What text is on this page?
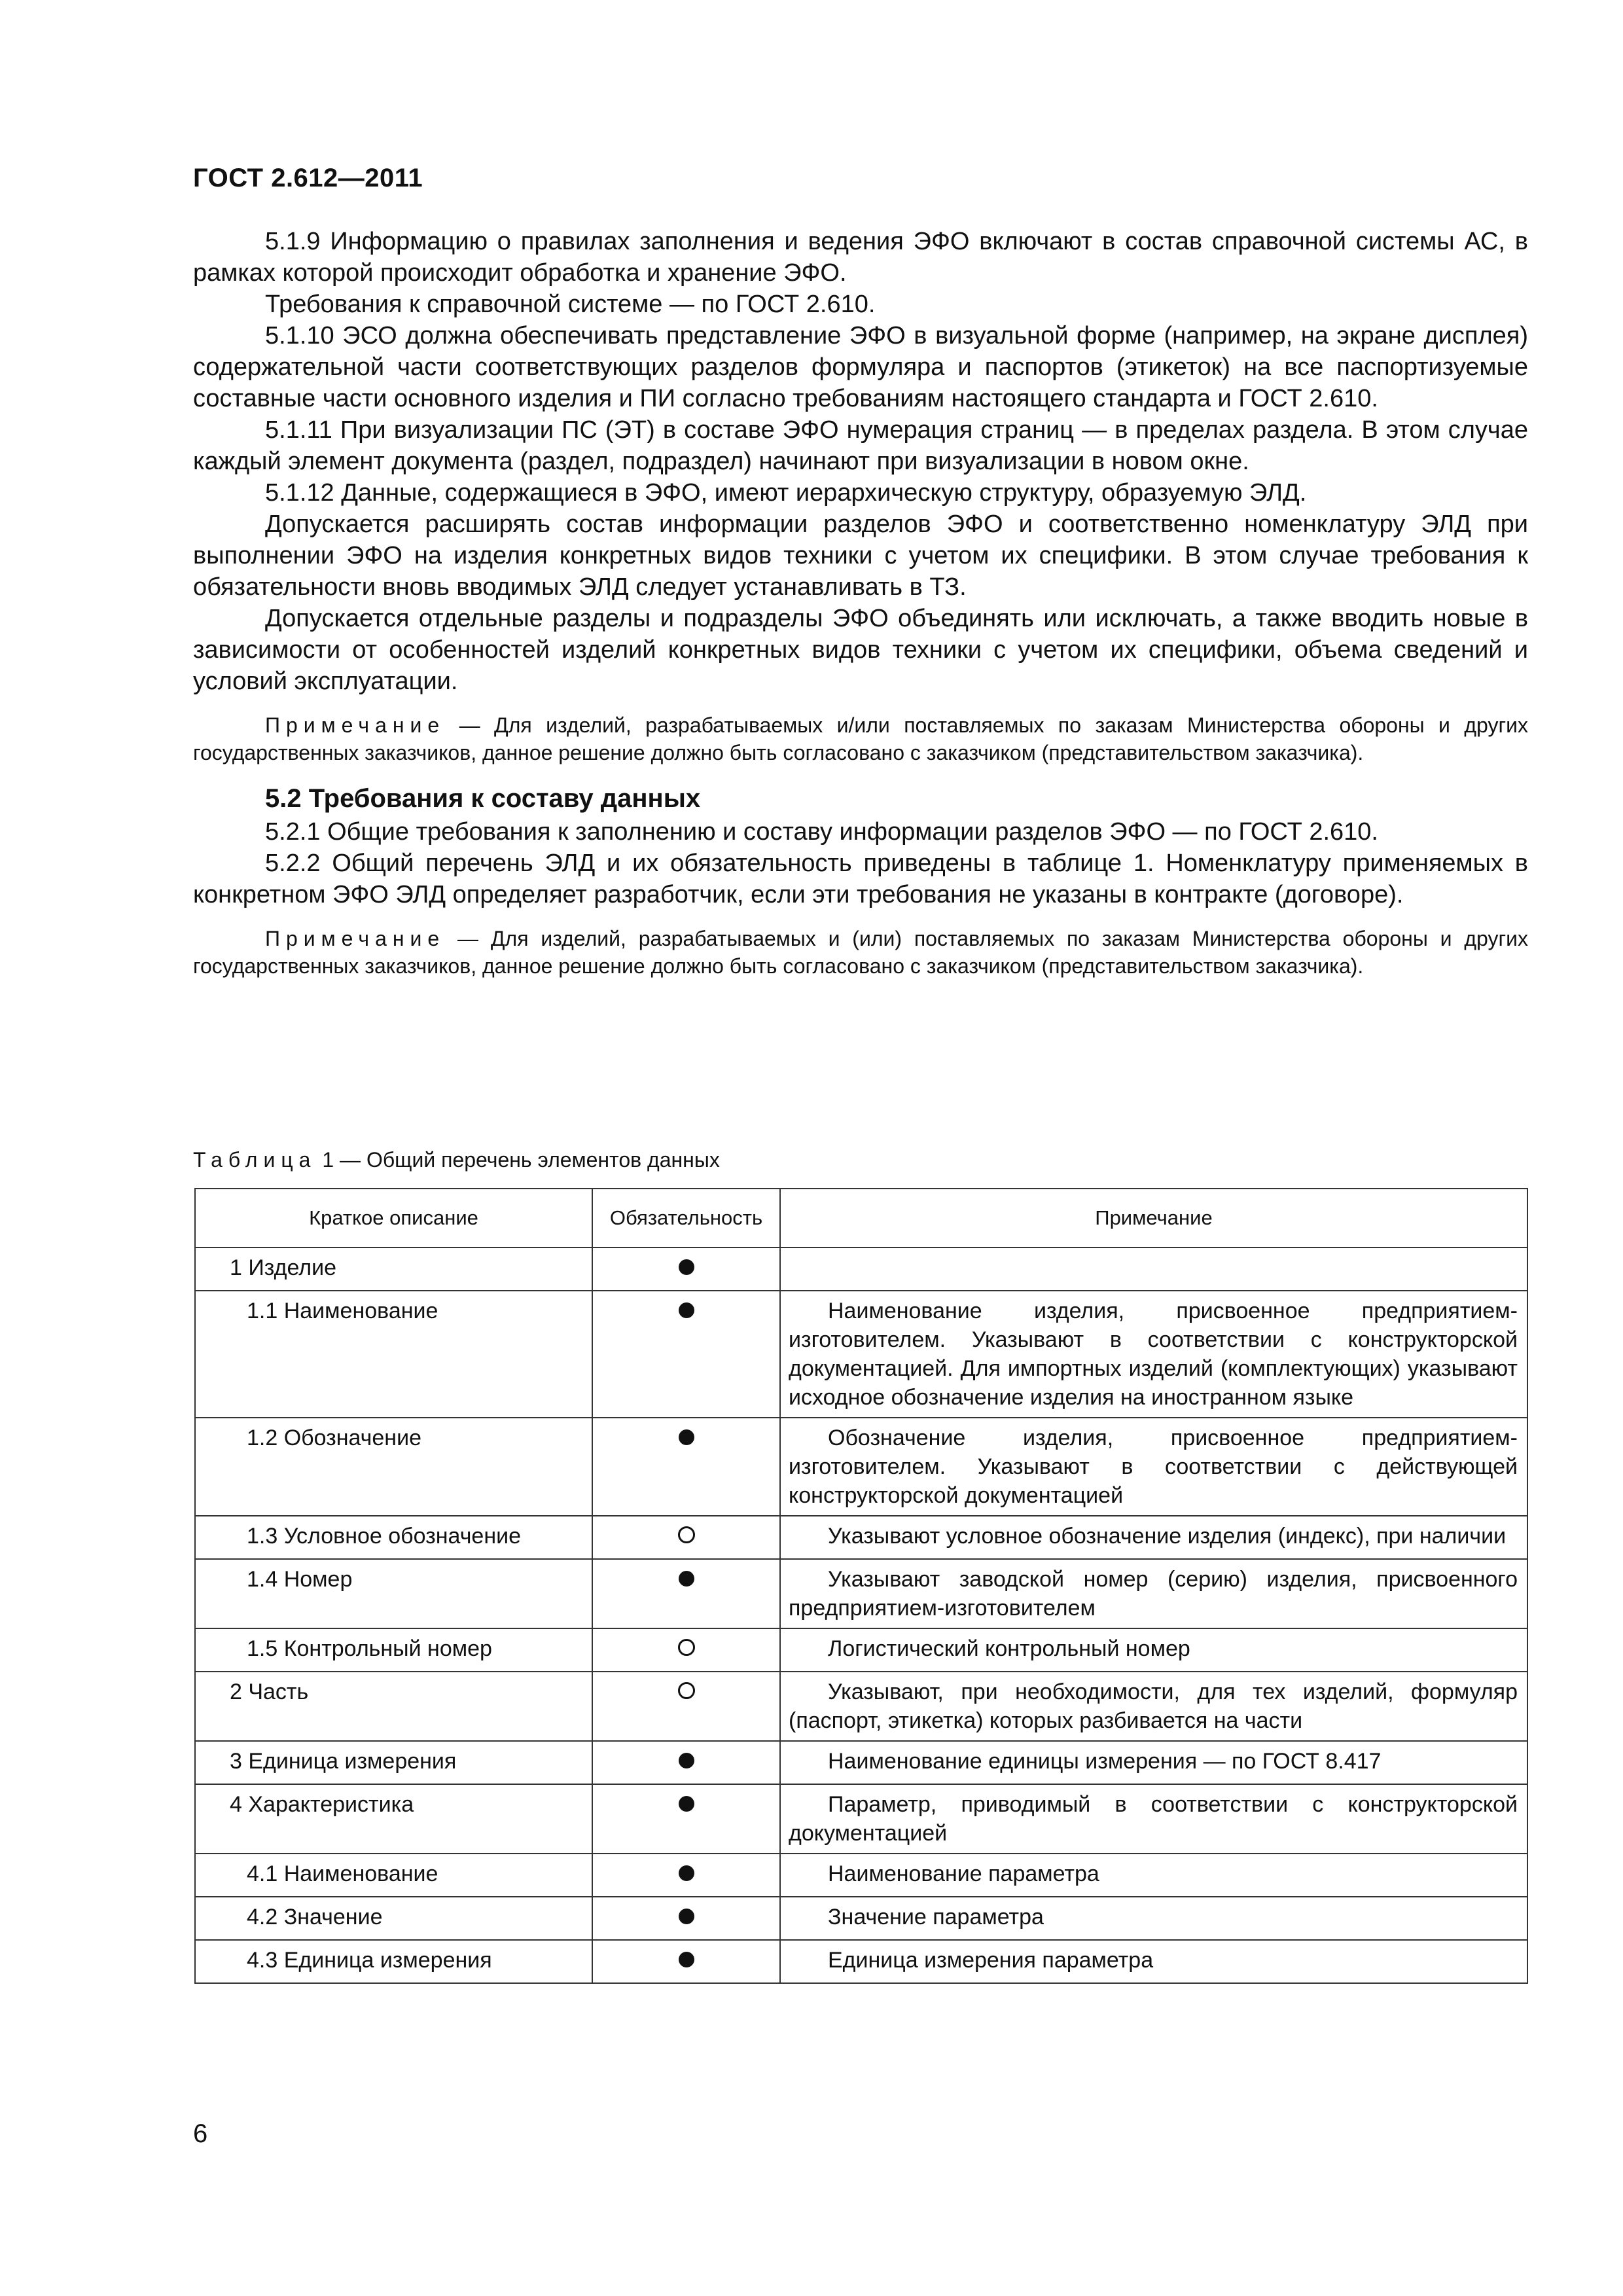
ГОСТ 2.612—2011

5.1.9 Информацию о правилах заполнения и ведения ЭФО включают в состав справочной системы АС, в рамках которой происходит обработка и хранение ЭФО.

Требования к справочной системе — по ГОСТ 2.610.

5.1.10 ЭСО должна обеспечивать представление ЭФО в визуальной форме (например, на экране дисплея) содержательной части соответствующих разделов формуляра и паспортов (этикеток) на все паспортизуемые составные части основного изделия и ПИ согласно требованиям настоящего стандарта и ГОСТ 2.610.

5.1.11 При визуализации ПС (ЭТ) в составе ЭФО нумерация страниц — в пределах раздела. В этом случае каждый элемент документа (раздел, подраздел) начинают при визуализации в новом окне.

5.1.12 Данные, содержащиеся в ЭФО, имеют иерархическую структуру, образуемую ЭЛД.

Допускается расширять состав информации разделов ЭФО и соответственно номенклатуру ЭЛД при выполнении ЭФО на изделия конкретных видов техники с учетом их специфики. В этом случае требования к обязательности вновь вводимых ЭЛД следует устанавливать в ТЗ.

Допускается отдельные разделы и подразделы ЭФО объединять или исключать, а также вводить новые в зависимости от особенностей изделий конкретных видов техники с учетом их специфики, объема сведений и условий эксплуатации.

Примечание — Для изделий, разрабатываемых и/или поставляемых по заказам Министерства обороны и других государственных заказчиков, данное решение должно быть согласовано с заказчиком (представительством заказчика).

5.2 Требования к составу данных

5.2.1 Общие требования к заполнению и составу информации разделов ЭФО — по ГОСТ 2.610.

5.2.2 Общий перечень ЭЛД и их обязательность приведены в таблице 1. Номенклатуру применяемых в конкретном ЭФО ЭЛД определяет разработчик, если эти требования не указаны в контракте (договоре).

Примечание — Для изделий, разрабатываемых и (или) поставляемых по заказам Министерства обороны и других государственных заказчиков, данное решение должно быть согласовано с заказчиком (представительством заказчика).

Таблица 1 — Общий перечень элементов данных
Краткое описание	Обязательность	Примечание
1 Изделие		
1.1 Наименование		Наименование изделия, присвоенное предприятием-изготовителем. Указывают в соответствии с конструкторской документацией. Для импортных изделий (комплектующих) указывают исходное обозначение изделия на иностранном языке
1.2 Обозначение		Обозначение изделия, присвоенное предприятием-изготовителем. Указывают в соответствии с действующей конструкторской документацией
1.3 Условное обозначение		Указывают условное обозначение изделия (индекс), при наличии
1.4 Номер		Указывают заводской номер (серию) изделия, присвоенного предприятием-изготовителем
1.5 Контрольный номер		Логистический контрольный номер
2 Часть		Указывают, при необходимости, для тех изделий, формуляр (паспорт, этикетка) которых разбивается на части
3 Единица измерения		Наименование единицы измерения — по ГОСТ 8.417
4 Характеристика		Параметр, приводимый в соответствии с конструкторской документацией
4.1 Наименование		Наименование параметра
4.2 Значение		Значение параметра
4.3 Единица измерения		Единица измерения параметра
6
